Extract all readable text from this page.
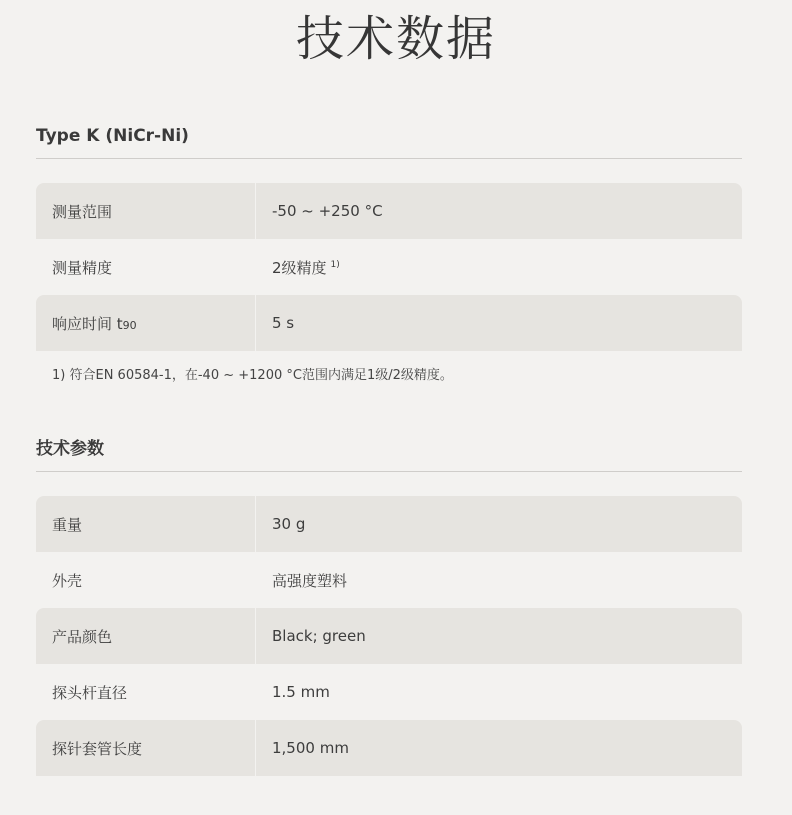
技术数据
Type K (NiCr-Ni)
测量范围	-50 ~ +250 °C
测量精度	2级精度 $^{1)}$
响应时间 t90	5 s

1) 符合EN 60584-1，在-40 ~ +1200 °C范围内满足1级/2级精度。

技术参数
重量	30 g
外壳	高强度塑料
产品颜色	Black; green
探头杆直径	1.5 mm
探针套管长度	1,500 mm
